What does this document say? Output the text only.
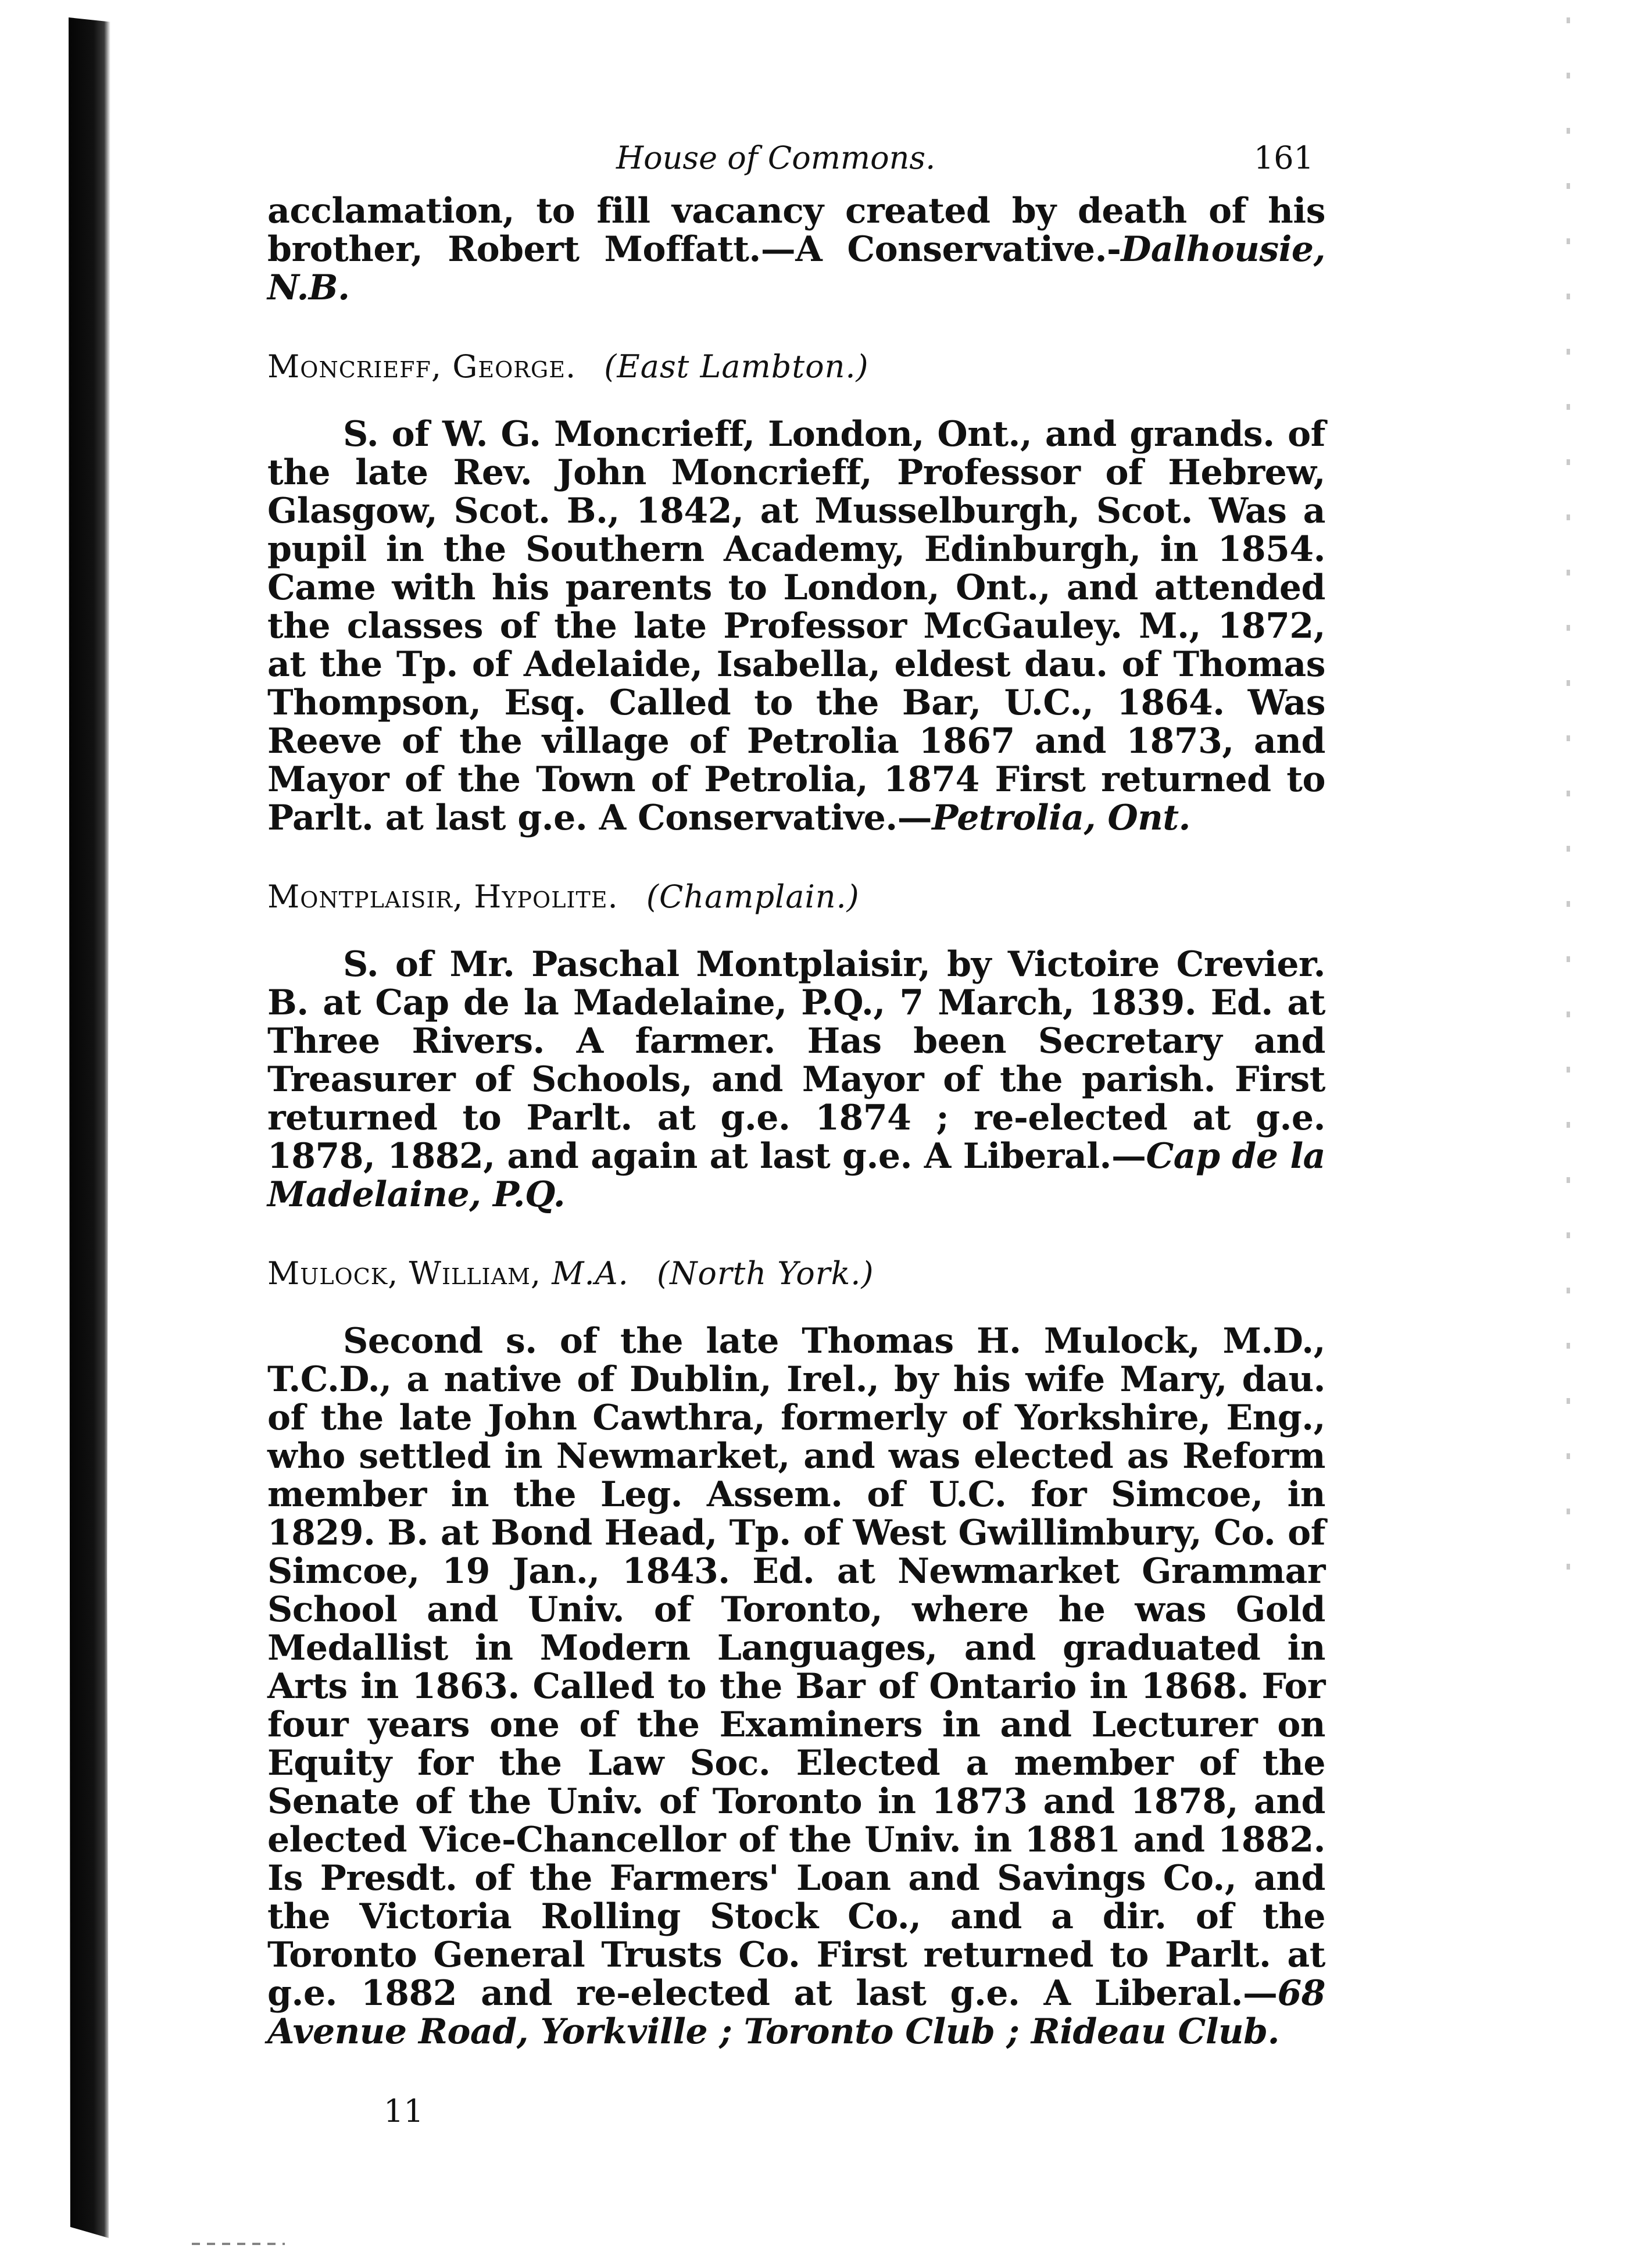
House of Commons.	161

acclamation, to fill vacancy created by death of his brother, Robert Moffatt.—A Conservative.-Dalhousie, N.B.

Moncrieff, George. (East Lambton.)

S. of W. G. Moncrieff, London, Ont., and grands. of the late Rev. John Moncrieff, Professor of Hebrew, Glasgow, Scot. B., 1842, at Musselburgh, Scot. Was a pupil in the Southern Academy, Edinburgh, in 1854. Came with his parents to London, Ont., and attended the classes of the late Professor McGauley. M., 1872, at the Tp. of Adelaide, Isabella, eldest dau. of Thomas Thompson, Esq. Called to the Bar, U.C., 1864. Was Reeve of the village of Petrolia 1867 and 1873, and Mayor of the Town of Petrolia, 1874 First returned to Parlt. at last g.e. A Conservative.—Petrolia, Ont.

Montplaisir, Hypolite. (Champlain.)

S. of Mr. Paschal Montplaisir, by Victoire Crevier. B. at Cap de la Madelaine, P.Q., 7 March, 1839. Ed. at Three Rivers. A farmer. Has been Secretary and Treasurer of Schools, and Mayor of the parish. First returned to Parlt. at g.e. 1874 ; re-elected at g.e. 1878, 1882, and again at last g.e. A Liberal.—Cap de la Madelaine, P.Q.

Mulock, William, M.A. (North York.)

Second s. of the late Thomas H. Mulock, M.D., T.C.D., a native of Dublin, Irel., by his wife Mary, dau. of the late John Cawthra, formerly of Yorkshire, Eng., who settled in Newmarket, and was elected as Reform member in the Leg. Assem. of U.C. for Simcoe, in 1829. B. at Bond Head, Tp. of West Gwillimbury, Co. of Simcoe, 19 Jan., 1843. Ed. at Newmarket Grammar School and Univ. of Toronto, where he was Gold Medallist in Modern Languages, and graduated in Arts in 1863. Called to the Bar of Ontario in 1868. For four years one of the Examiners in and Lecturer on Equity for the Law Soc. Elected a member of the Senate of the Univ. of Toronto in 1873 and 1878, and elected Vice-Chancellor of the Univ. in 1881 and 1882. Is Presdt. of the Farmers' Loan and Savings Co., and the Victoria Rolling Stock Co., and a dir. of the Toronto General Trusts Co. First returned to Parlt. at g.e. 1882 and re-elected at last g.e. A Liberal.—68 Avenue Road, Yorkville ; Toronto Club ; Rideau Club.

11
